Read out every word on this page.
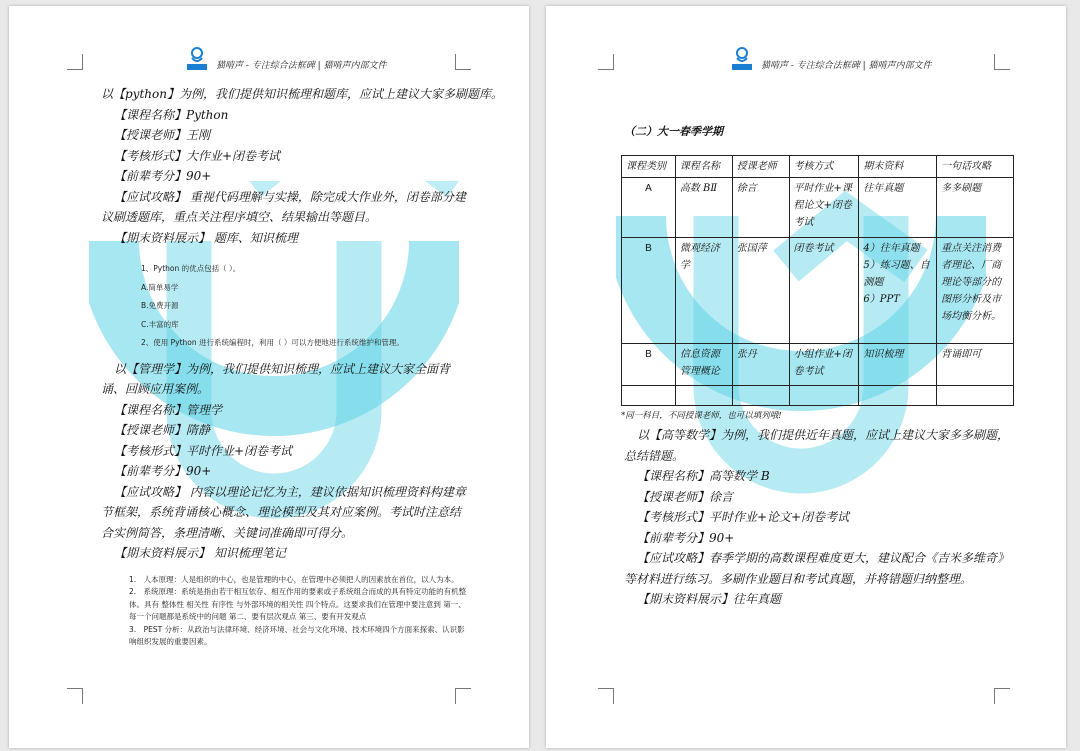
猫啃声 - 专注综合法框碑 | 猫啃声内部文件
以【python】为例，我们提供知识梳理和题库，应试上建议大家多刷题库。
【课程名称】Python
【授课老师】王刚
【考核形式】大作业+闭卷考试
【前辈考分】90+
【应试攻略】 重视代码理解与实操，除完成大作业外，闭卷部分建议刷透题库，重点关注程序填空、结果输出等题目。
【期末资料展示】 题库、知识梳理
1、Python 的优点包括（ ）。
A.简单易学
B.免费开源
C.丰富的库
2、使用 Python 进行系统编程时，利用（ ）可以方便地进行系统维护和管理。
以【管理学】为例，我们提供知识梳理，应试上建议大家全面背诵、回顾应用案例。
【课程名称】管理学
【授课老师】隋静
【考核形式】平时作业+闭卷考试
【前辈考分】90+
【应试攻略】 内容以理论记忆为主，建议依据知识梳理资料构建章节框架，系统背诵核心概念、理论模型及其对应案例。考试时注意结合实例简答，条理清晰、关键词准确即可得分。
【期末资料展示】 知识梳理笔记
1.　人本原理：人是组织的中心，也是管理的中心，在管理中必须把人的因素放在首位，以人为本。
2.　系统原理：系统是指由若干相互依存、相互作用的要素或子系统组合而成的具有特定功能的有机整体。具有 整体性 相关性 有序性 与外部环境的相关性 四个特点。这要求我们在管理中要注意到 第一、每一个问题都是系统中的问题 第二、要有层次观点 第三、要有开发观点
3.　PEST 分析：从政治与法律环境、经济环境、社会与文化环境、技术环境四个方面来探索、认识影响组织发展的重要因素。
猫啃声 - 专注综合法框碑 | 猫啃声内部文件
（二）大一春季学期
课程类别	课程名称	授课老师	考核方式	期末资料	一句话攻略
A	高数 BⅡ	徐言	平时作业+课程论文+闭卷考试	往年真题	多多刷题
B	微观经济学	张国萍	闭卷考试	4）往年真题
5）练习题、自测题
6）PPT	重点关注消费者理论、厂商理论等部分的图形分析及市场均衡分析。
B	信息资源管理概论	张丹	小组作业+闭卷考试	知识梳理	背诵即可

*同一科目，不同授课老师，也可以填列哦!
以【高等数学】为例，我们提供近年真题，应试上建议大家多多刷题，总结错题。
【课程名称】高等数学 B
【授课老师】徐言
【考核形式】平时作业+论文+闭卷考试
【前辈考分】90+
【应试攻略】春季学期的高数课程难度更大，建议配合《吉米多维奇》等材料进行练习。多刷作业题目和考试真题，并将错题归纳整理。
【期末资料展示】往年真题
